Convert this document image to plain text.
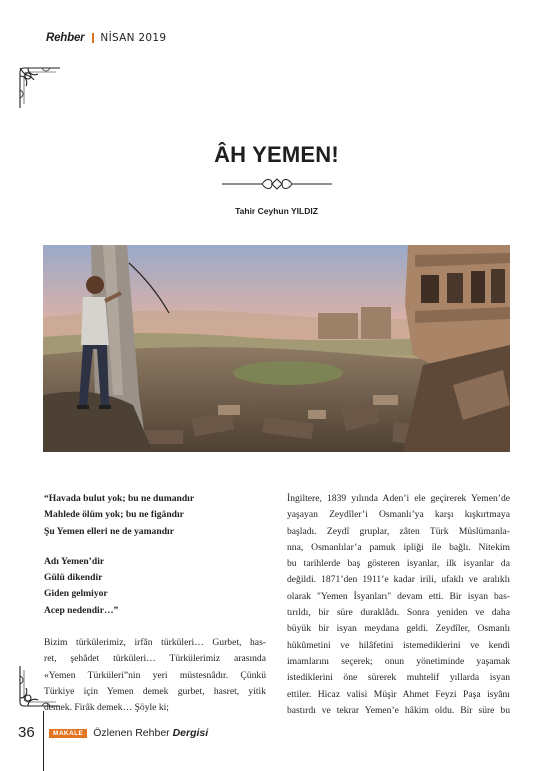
Rehber NİSAN 2019
ÂH YEMEN!
Tahir Ceyhun YILDIZ
“Havada bulut yok; bu ne dumandır
Mahlede ölüm yok; bu ne figândır
Şu Yemen elleri ne de yamandır
Adı Yemen’dir
Gülü dikendir
Giden gelmiyor
Acep nedendir…”

Bizim türkülerimiz, irfân türküleri… Gurbet, has-
ret, şehâdet türküleri… Türkülerimiz arasında
«Yemen Türküleri”nin yeri müstesnâdır. Çünkü
Türkiye için Yemen demek gurbet, hasret, yitik
demek. Firâk demek… Şöyle ki;

İngiltere, 1839 yılında Aden’i ele geçirerek Yemen’de
yaşayan Zeydîler’i Osmanlı’ya karşı kışkırtmaya
başladı. Zeydî gruplar, zâten Türk Müslümanla-
nna, Osmanlılar’a pamuk ipliği ile bağlı. Nitekim
bu tarihlerde baş gösteren isyanlar, ilk isyanlar da
değildi. 1871’den 1911’e kadar irili, ufaklı ve aralıklı
olarak "Yemen İsyanları" devam etti. Bir isyan bas-
tırıldı, bir süre duraklâdı. Sonra yeniden ve daha
büyük bir isyan meydana geldi. Zeydîler, Osmanlı
hükûmetini ve hilâfetini istemediklerini ve kendi
imamlarını seçerek; onun yönetiminde yaşamak
istediklerini öne sürerek muhtelif yıllarda isyan
ettiler. Hicaz valisi Müşir Ahmet Feyzi Paşa isyânı
bastırdı ve tekrar Yemen’e hâkim oldu. Bir süre bu

36	MAKALE Özlenen Rehber Dergisi
